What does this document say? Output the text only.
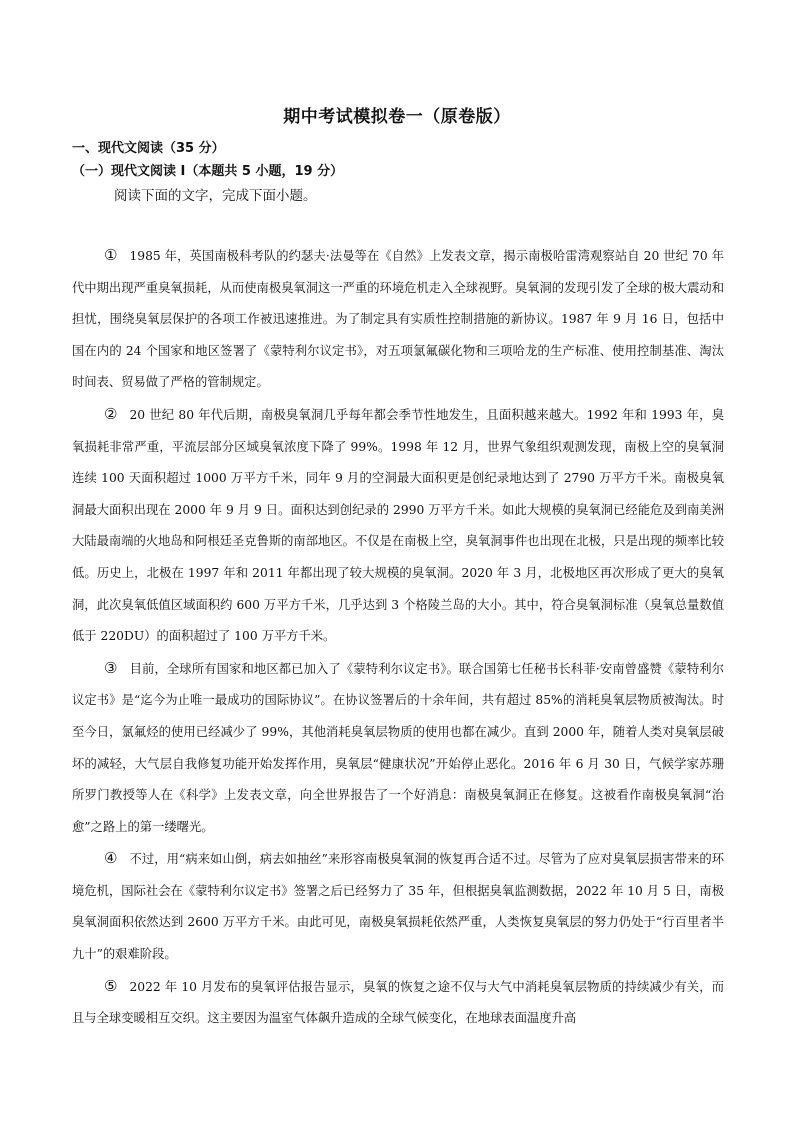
期中考试模拟卷一（原卷版）
一、现代文阅读（35 分）
（一）现代文阅读 I（本题共 5 小题，19 分）
阅读下面的文字，完成下面小题。

① 1985 年，英国南极科考队的约瑟夫·法曼等在《自然》上发表文章，揭示南极哈雷湾观察站自 20 世纪 70 年代中期出现严重臭氧损耗，从而使南极臭氧洞这一严重的环境危机走入全球视野。臭氧洞的发现引发了全球的极大震动和担忧，围绕臭氧层保护的各项工作被迅速推进。为了制定具有实质性控制措施的新协议。1987 年 9 月 16 日，包括中国在内的 24 个国家和地区签署了《蒙特利尔议定书》，对五项氯氟碳化物和三项哈龙的生产标准、使用控制基准、淘汰时间表、贸易做了严格的管制规定。

② 20 世纪 80 年代后期，南极臭氧洞几乎每年都会季节性地发生，且面积越来越大。1992 年和 1993 年，臭氧损耗非常严重，平流层部分区域臭氧浓度下降了 99%。1998 年 12 月，世界气象组织观测发现，南极上空的臭氧洞连续 100 天面积超过 1000 万平方千米，同年 9 月的空洞最大面积更是创纪录地达到了 2790 万平方千米。南极臭氧洞最大面积出现在 2000 年 9 月 9 日。面积达到创纪录的 2990 万平方千米。如此大规模的臭氧洞已经能危及到南美洲大陆最南端的火地岛和阿根廷圣克鲁斯的南部地区。不仅是在南极上空，臭氧洞事件也出现在北极，只是出现的频率比较低。历史上，北极在 1997 年和 2011 年都出现了较大规模的臭氧洞。2020 年 3 月，北极地区再次形成了更大的臭氧洞，此次臭氧低值区域面积约 600 万平方千米，几乎达到 3 个格陵兰岛的大小。其中，符合臭氧洞标准（臭氧总量数值低于 220DU）的面积超过了 100 万平方千米。

③ 目前，全球所有国家和地区都已加入了《蒙特利尔议定书》。联合国第七任秘书长科菲·安南曾盛赞《蒙特利尔议定书》是“迄今为止唯一最成功的国际协议”。在协议签署后的十余年间，共有超过 85%的消耗臭氧层物质被淘汰。时至今日，氯氟烃的使用已经减少了 99%，其他消耗臭氧层物质的使用也都在减少。直到 2000 年，随着人类对臭氧层破坏的减轻，大气层自我修复功能开始发挥作用，臭氧层“健康状况”开始停止恶化。2016 年 6 月 30 日，气候学家苏珊所罗门教授等人在《科学》上发表文章，向全世界报告了一个好消息：南极臭氧洞正在修复。这被看作南极臭氧洞“治愈”之路上的第一缕曙光。

④ 不过，用“病来如山倒，病去如抽丝”来形容南极臭氧洞的恢复再合适不过。尽管为了应对臭氧层损害带来的环境危机，国际社会在《蒙特利尔议定书》签署之后已经努力了 35 年，但根据臭氧监测数据，2022 年 10 月 5 日，南极臭氧洞面积依然达到 2600 万平方千米。由此可见，南极臭氧损耗依然严重，人类恢复臭氧层的努力仍处于“行百里者半九十”的艰难阶段。

⑤ 2022 年 10 月发布的臭氧评估报告显示，臭氧的恢复之途不仅与大气中消耗臭氧层物质的持续减少有关，而且与全球变暖相互交织。这主要因为温室气体飙升造成的全球气候变化，在地球表面温度升高
